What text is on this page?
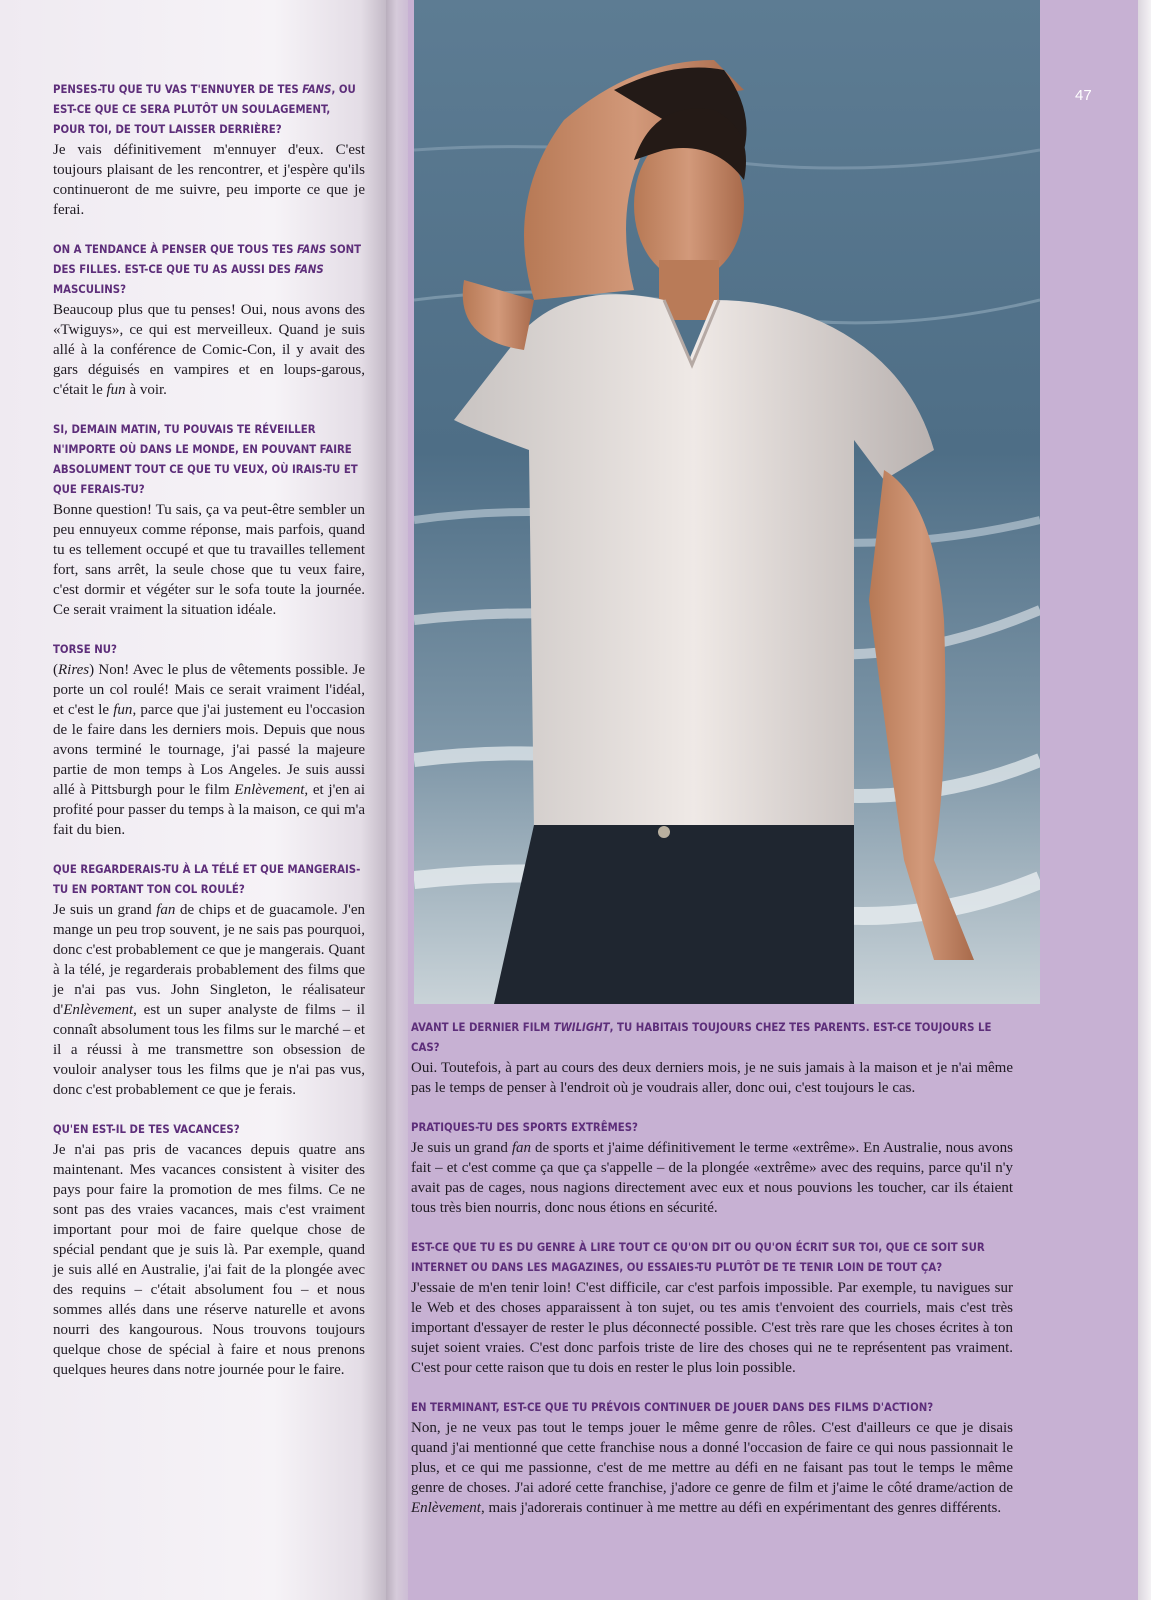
PENSES-TU QUE TU VAS T'ENNUYER DE TES FANS, OU EST-CE QUE CE SERA PLUTÔT UN SOULAGEMENT, POUR TOI, DE TOUT LAISSER DERRIÈRE?
Je vais définitivement m'ennuyer d'eux. C'est toujours plaisant de les rencontrer, et j'espère qu'ils continueront de me suivre, peu importe ce que je ferai.
ON A TENDANCE À PENSER QUE TOUS TES FANS SONT DES FILLES. EST-CE QUE TU AS AUSSI DES FANS MASCULINS?
Beaucoup plus que tu penses! Oui, nous avons des «Twiguys», ce qui est merveilleux. Quand je suis allé à la conférence de Comic-Con, il y avait des gars déguisés en vampires et en loups-garous, c'était le fun à voir.
SI, DEMAIN MATIN, TU POUVAIS TE RÉVEILLER N'IMPORTE OÙ DANS LE MONDE, EN POUVANT FAIRE ABSOLUMENT TOUT CE QUE TU VEUX, OÙ IRAIS-TU ET QUE FERAIS-TU?
Bonne question! Tu sais, ça va peut-être sembler un peu ennuyeux comme réponse, mais parfois, quand tu es tellement occupé et que tu travailles tellement fort, sans arrêt, la seule chose que tu veux faire, c'est dormir et végéter sur le sofa toute la journée. Ce serait vraiment la situation idéale.
TORSE NU?
(Rires) Non! Avec le plus de vêtements possible. Je porte un col roulé! Mais ce serait vraiment l'idéal, et c'est le fun, parce que j'ai justement eu l'occasion de le faire dans les derniers mois. Depuis que nous avons terminé le tournage, j'ai passé la majeure partie de mon temps à Los Angeles. Je suis aussi allé à Pittsburgh pour le film Enlèvement, et j'en ai profité pour passer du temps à la maison, ce qui m'a fait du bien.
QUE REGARDERAIS-TU À LA TÉLÉ ET QUE MANGERAIS-TU EN PORTANT TON COL ROULÉ?
Je suis un grand fan de chips et de guacamole. J'en mange un peu trop souvent, je ne sais pas pourquoi, donc c'est probablement ce que je mangerais. Quant à la télé, je regarderais probablement des films que je n'ai pas vus. John Singleton, le réalisateur d'Enlèvement, est un super analyste de films – il connaît absolument tous les films sur le marché – et il a réussi à me transmettre son obsession de vouloir analyser tous les films que je n'ai pas vus, donc c'est probablement ce que je ferais.
QU'EN EST-IL DE TES VACANCES?
Je n'ai pas pris de vacances depuis quatre ans maintenant. Mes vacances consistent à visiter des pays pour faire la promotion de mes films. Ce ne sont pas des vraies vacances, mais c'est vraiment important pour moi de faire quelque chose de spécial pendant que je suis là. Par exemple, quand je suis allé en Australie, j'ai fait de la plongée avec des requins – c'était absolument fou – et nous sommes allés dans une réserve naturelle et avons nourri des kangourous. Nous trouvons toujours quelque chose de spécial à faire et nous prenons quelques heures dans notre journée pour le faire.
47
AVANT LE DERNIER FILM TWILIGHT, TU HABITAIS TOUJOURS CHEZ TES PARENTS. EST-CE TOUJOURS LE CAS?
Oui. Toutefois, à part au cours des deux derniers mois, je ne suis jamais à la maison et je n'ai même pas le temps de penser à l'endroit où je voudrais aller, donc oui, c'est toujours le cas.
PRATIQUES-TU DES SPORTS EXTRÊMES?
Je suis un grand fan de sports et j'aime définitivement le terme «extrême». En Australie, nous avons fait – et c'est comme ça que ça s'appelle – de la plongée «extrême» avec des requins, parce qu'il n'y avait pas de cages, nous nagions directement avec eux et nous pouvions les toucher, car ils étaient tous très bien nourris, donc nous étions en sécurité.
EST-CE QUE TU ES DU GENRE À LIRE TOUT CE QU'ON DIT OU QU'ON ÉCRIT SUR TOI, QUE CE SOIT SUR INTERNET OU DANS LES MAGAZINES, OU ESSAIES-TU PLUTÔT DE TE TENIR LOIN DE TOUT ÇA?
J'essaie de m'en tenir loin! C'est difficile, car c'est parfois impossible. Par exemple, tu navigues sur le Web et des choses apparaissent à ton sujet, ou tes amis t'envoient des courriels, mais c'est très important d'essayer de rester le plus déconnecté possible. C'est très rare que les choses écrites à ton sujet soient vraies. C'est donc parfois triste de lire des choses qui ne te représentent pas vraiment. C'est pour cette raison que tu dois en rester le plus loin possible.
EN TERMINANT, EST-CE QUE TU PRÉVOIS CONTINUER DE JOUER DANS DES FILMS D'ACTION?
Non, je ne veux pas tout le temps jouer le même genre de rôles. C'est d'ailleurs ce que je disais quand j'ai mentionné que cette franchise nous a donné l'occasion de faire ce qui nous passionnait le plus, et ce qui me passionne, c'est de me mettre au défi en ne faisant pas tout le temps le même genre de choses. J'ai adoré cette franchise, j'adore ce genre de film et j'aime le côté drame/action de Enlèvement, mais j'adorerais continuer à me mettre au défi en expérimentant des genres différents.
